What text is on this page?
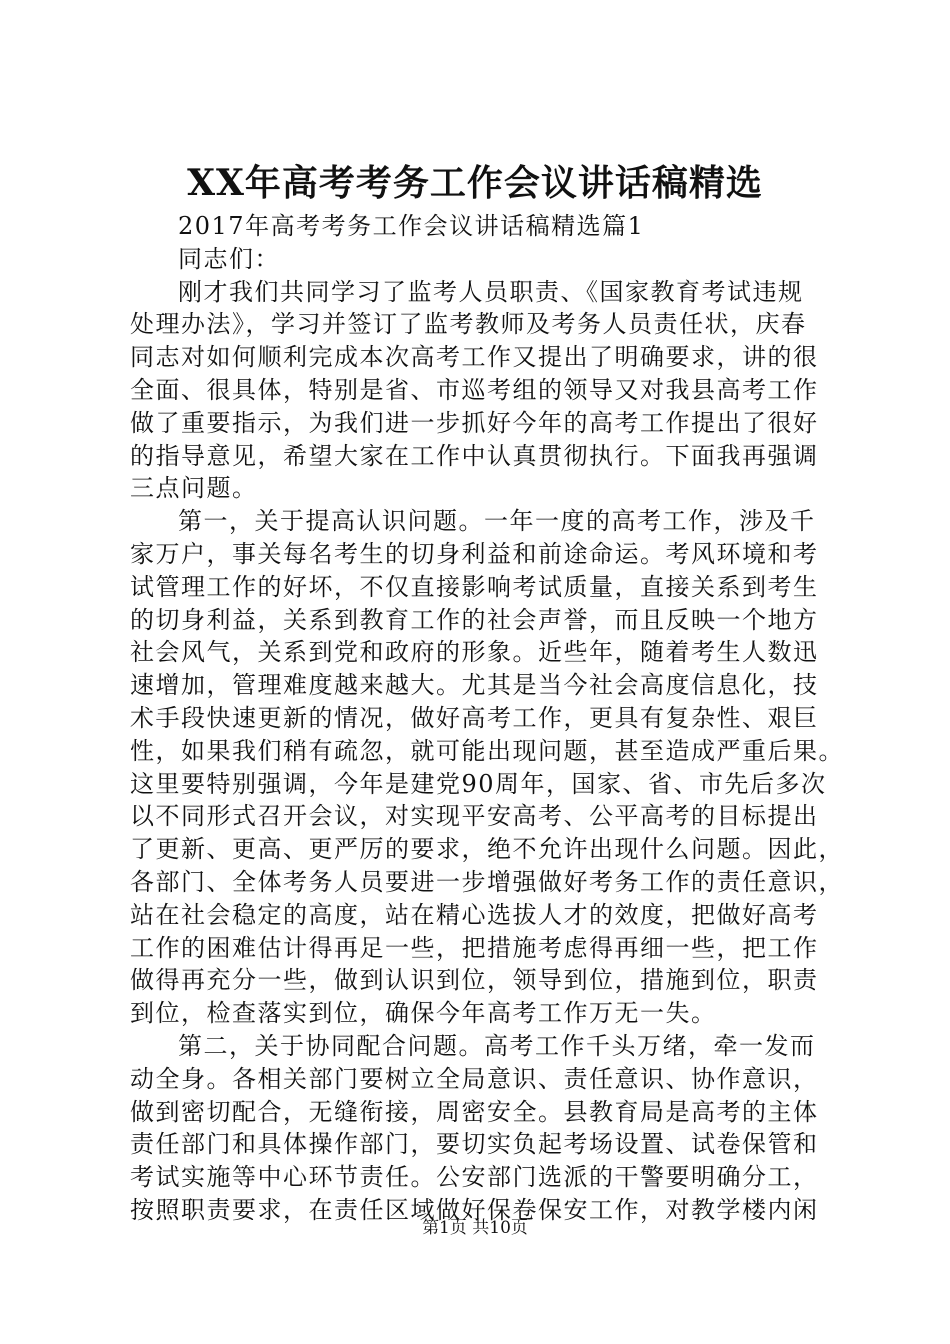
XX年高考考务工作会议讲话稿精选
2017年高考考务工作会议讲话稿精选篇1
同志们：
刚才我们共同学习了监考人员职责、《国家教育考试违规
处理办法》，学习并签订了监考教师及考务人员责任状，庆春
同志对如何顺利完成本次高考工作又提出了明确要求，讲的很
全面、很具体，特别是省、市巡考组的领导又对我县高考工作
做了重要指示，为我们进一步抓好今年的高考工作提出了很好
的指导意见，希望大家在工作中认真贯彻执行。下面我再强调
三点问题。
第一，关于提高认识问题。一年一度的高考工作，涉及千
家万户，事关每名考生的切身利益和前途命运。考风环境和考
试管理工作的好坏，不仅直接影响考试质量，直接关系到考生
的切身利益，关系到教育工作的社会声誉，而且反映一个地方
社会风气，关系到党和政府的形象。近些年，随着考生人数迅
速增加，管理难度越来越大。尤其是当今社会高度信息化，技
术手段快速更新的情况，做好高考工作，更具有复杂性、艰巨
性，如果我们稍有疏忽，就可能出现问题，甚至造成严重后果。
这里要特别强调，今年是建党90周年，国家、省、市先后多次
以不同形式召开会议，对实现平安高考、公平高考的目标提出
了更新、更高、更严厉的要求，绝不允许出现什么问题。因此，
各部门、全体考务人员要进一步增强做好考务工作的责任意识，
站在社会稳定的高度，站在精心选拔人才的效度，把做好高考
工作的困难估计得再足一些，把措施考虑得再细一些，把工作
做得再充分一些，做到认识到位，领导到位，措施到位，职责
到位，检查落实到位，确保今年高考工作万无一失。
第二，关于协同配合问题。高考工作千头万绪，牵一发而
动全身。各相关部门要树立全局意识、责任意识、协作意识，
做到密切配合，无缝衔接，周密安全。县教育局是高考的主体
责任部门和具体操作部门，要切实负起考场设置、试卷保管和
考试实施等中心环节责任。公安部门选派的干警要明确分工，
按照职责要求，在责任区域做好保卷保安工作，对教学楼内闲
第1页 共10页
